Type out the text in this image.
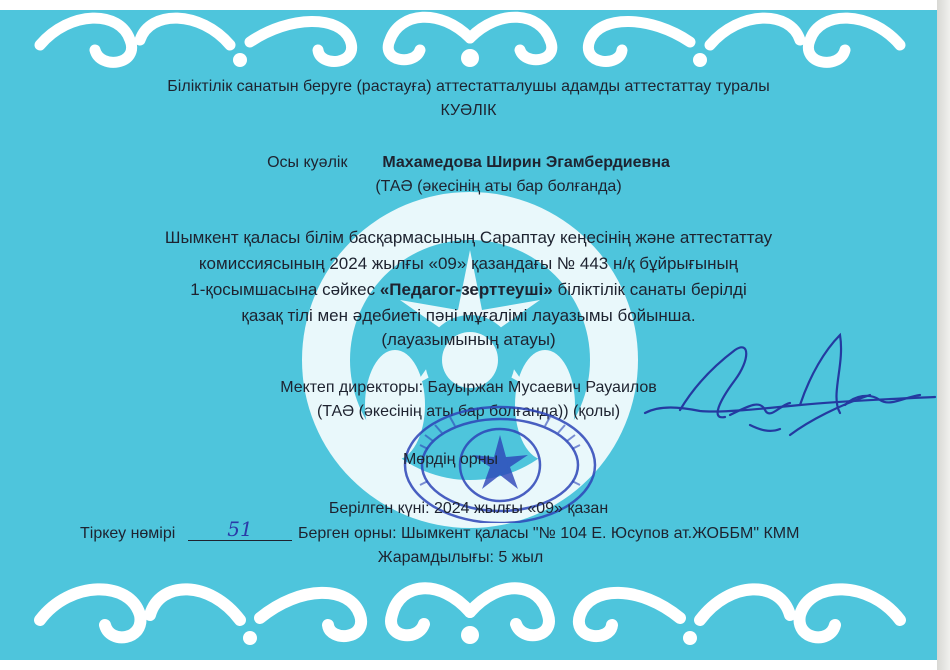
Біліктілік санатын беруге (растауға) аттестатталушы адамды аттестаттау туралы
КУӘЛІК
Осы куәлік Махамедова Ширин Эгамбердиевна
(ТАӘ (әкесінің аты бар болғанда)
Шымкент қаласы білім басқармасының Сараптау кеңесінің және аттестаттау
комиссиясының 2024 жылғы «09» қазандағы № 443 н/қ бұйрығының
1-қосымшасына сәйкес «Педагог-зерттеуші» біліктілік санаты берілді
қазақ тілі мен әдебиеті пәні мұғалімі лауазымы бойынша.
(лауазымының атауы)
Мектеп директоры: Бауыржан Мусаевич Рауаилов
(ТАӘ (әкесінің аты бар болғанда)) (қолы)
Мөрдің орны
Берілген күні: 2024 жылғы «09» қазан
Тіркеу нөмірі	51	Берген орны: Шымкент қаласы "№ 104 Е. Юсупов ат.ЖОББМ" КММ
Жарамдылығы: 5 жыл
